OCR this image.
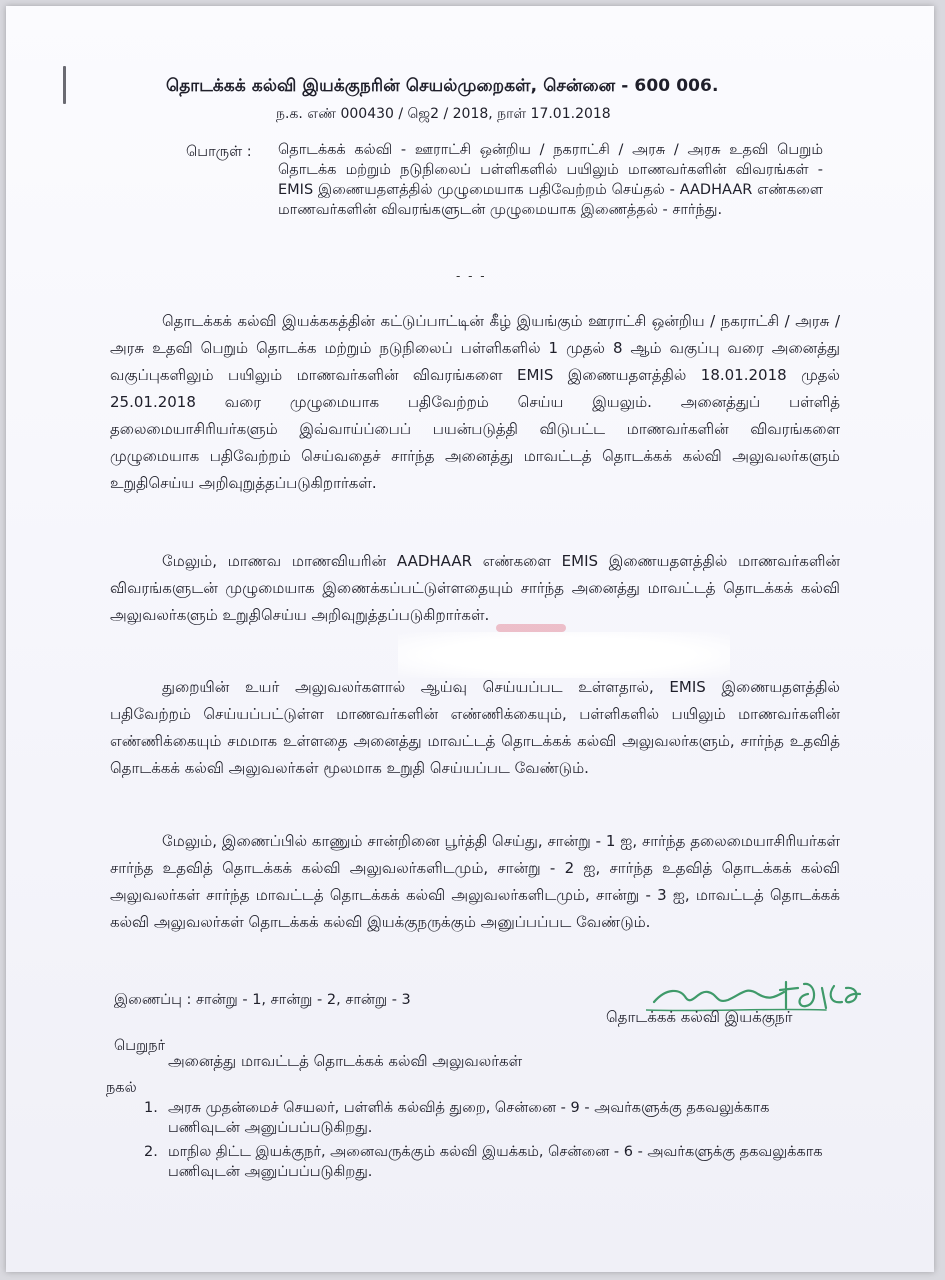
தொடக்கக் கல்வி இயக்குநரின் செயல்முறைகள், சென்னை - 600 006.
ந.க. எண் 000430 / ஜெ2 / 2018, நாள் 17.01.2018
பொருள் : தொடக்கக் கல்வி - ஊராட்சி ஒன்றிய / நகராட்சி / அரசு / அரசு உதவி பெறும் தொடக்க மற்றும் நடுநிலைப் பள்ளிகளில் பயிலும் மாணவர்களின் விவரங்கள் - EMIS இணையதளத்தில் முழுமையாக பதிவேற்றம் செய்தல் - AADHAAR எண்களை மாணவர்களின் விவரங்களுடன் முழுமையாக இணைத்தல் - சார்ந்து.
- - -
தொடக்கக் கல்வி இயக்ககத்தின் கட்டுப்பாட்டின் கீழ் இயங்கும் ஊராட்சி ஒன்றிய / நகராட்சி / அரசு / அரசு உதவி பெறும் தொடக்க மற்றும் நடுநிலைப் பள்ளிகளில் 1 முதல் 8 ஆம் வகுப்பு வரை அனைத்து வகுப்புகளிலும் பயிலும் மாணவர்களின் விவரங்களை EMIS இணையதளத்தில் 18.01.2018 முதல் 25.01.2018 வரை முழுமையாக பதிவேற்றம் செய்ய இயலும். அனைத்துப் பள்ளித் தலைமையாசிரியர்களும் இவ்வாய்ப்பைப் பயன்படுத்தி விடுபட்ட மாணவர்களின் விவரங்களை முழுமையாக பதிவேற்றம் செய்வதைச் சார்ந்த அனைத்து மாவட்டத் தொடக்கக் கல்வி அலுவலர்களும் உறுதிசெய்ய அறிவுறுத்தப்படுகிறார்கள்.
மேலும், மாணவ மாணவியரின் AADHAAR எண்களை EMIS இணையதளத்தில் மாணவர்களின் விவரங்களுடன் முழுமையாக இணைக்கப்பட்டுள்ளதையும் சார்ந்த அனைத்து மாவட்டத் தொடக்கக் கல்வி அலுவலர்களும் உறுதிசெய்ய அறிவுறுத்தப்படுகிறார்கள்.
துறையின் உயர் அலுவலர்களால் ஆய்வு செய்யப்பட உள்ளதால், EMIS இணையதளத்தில் பதிவேற்றம் செய்யப்பட்டுள்ள மாணவர்களின் எண்ணிக்கையும், பள்ளிகளில் பயிலும் மாணவர்களின் எண்ணிக்கையும் சமமாக உள்ளதை அனைத்து மாவட்டத் தொடக்கக் கல்வி அலுவலர்களும், சார்ந்த உதவித் தொடக்கக் கல்வி அலுவலர்கள் மூலமாக உறுதி செய்யப்பட வேண்டும்.
மேலும், இணைப்பில் காணும் சான்றினை பூர்த்தி செய்து, சான்று - 1 ஐ, சார்ந்த தலைமையாசிரியர்கள் சார்ந்த உதவித் தொடக்கக் கல்வி அலுவலர்களிடமும், சான்று - 2 ஐ, சார்ந்த உதவித் தொடக்கக் கல்வி அலுவலர்கள் சார்ந்த மாவட்டத் தொடக்கக் கல்வி அலுவலர்களிடமும், சான்று - 3 ஐ, மாவட்டத் தொடக்கக் கல்வி அலுவலர்கள் தொடக்கக் கல்வி இயக்குநருக்கும் அனுப்பப்பட வேண்டும்.
இணைப்பு : சான்று - 1, சான்று - 2, சான்று - 3
தொடக்கக் கல்வி இயக்குநர்
பெறுநர்
அனைத்து மாவட்டத் தொடக்கக் கல்வி அலுவலர்கள்
நகல்
1. அரசு முதன்மைச் செயலர், பள்ளிக் கல்வித் துறை, சென்னை - 9 - அவர்களுக்கு தகவலுக்காக பணிவுடன் அனுப்பப்படுகிறது.
2. மாநில திட்ட இயக்குநர், அனைவருக்கும் கல்வி இயக்கம், சென்னை - 6 - அவர்களுக்கு தகவலுக்காக பணிவுடன் அனுப்பப்படுகிறது.
